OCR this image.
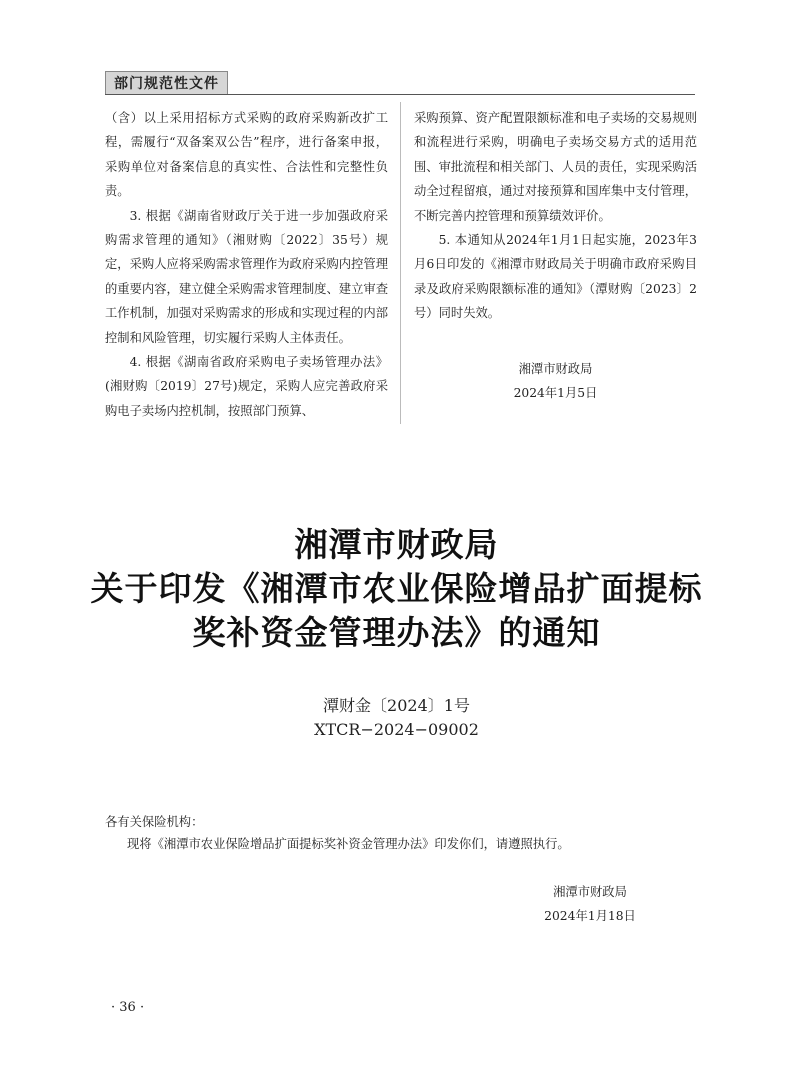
部门规范性文件

（含）以上采用招标方式采购的政府采购新改扩工程，需履行“双备案双公告”程序，进行备案申报，采购单位对备案信息的真实性、合法性和完整性负责。

3. 根据《湖南省财政厅关于进一步加强政府采购需求管理的通知》（湘财购〔2022〕35号）规定，采购人应将采购需求管理作为政府采购内控管理的重要内容，建立健全采购需求管理制度、建立审查工作机制，加强对采购需求的形成和实现过程的内部控制和风险管理，切实履行采购人主体责任。

4. 根据《湖南省政府采购电子卖场管理办法》(湘财购〔2019〕27号)规定，采购人应完善政府采购电子卖场内控机制，按照部门预算、

采购预算、资产配置限额标准和电子卖场的交易规则和流程进行采购，明确电子卖场交易方式的适用范围、审批流程和相关部门、人员的责任，实现采购活动全过程留痕，通过对接预算和国库集中支付管理，不断完善内控管理和预算绩效评价。

5. 本通知从2024年1月1日起实施，2023年3月6日印发的《湘潭市财政局关于明确市政府采购目录及政府采购限额标准的通知》（潭财购〔2023〕2号）同时失效。

湘潭市财政局
2024年1月5日
湘潭市财政局
关于印发《湘潭市农业保险增品扩面提标
奖补资金管理办法》的通知
潭财金〔2024〕1号
XTCR−2024−09002
各有关保险机构：
现将《湘潭市农业保险增品扩面提标奖补资金管理办法》印发你们，请遵照执行。
湘潭市财政局
2024年1月18日
· 36 ·
